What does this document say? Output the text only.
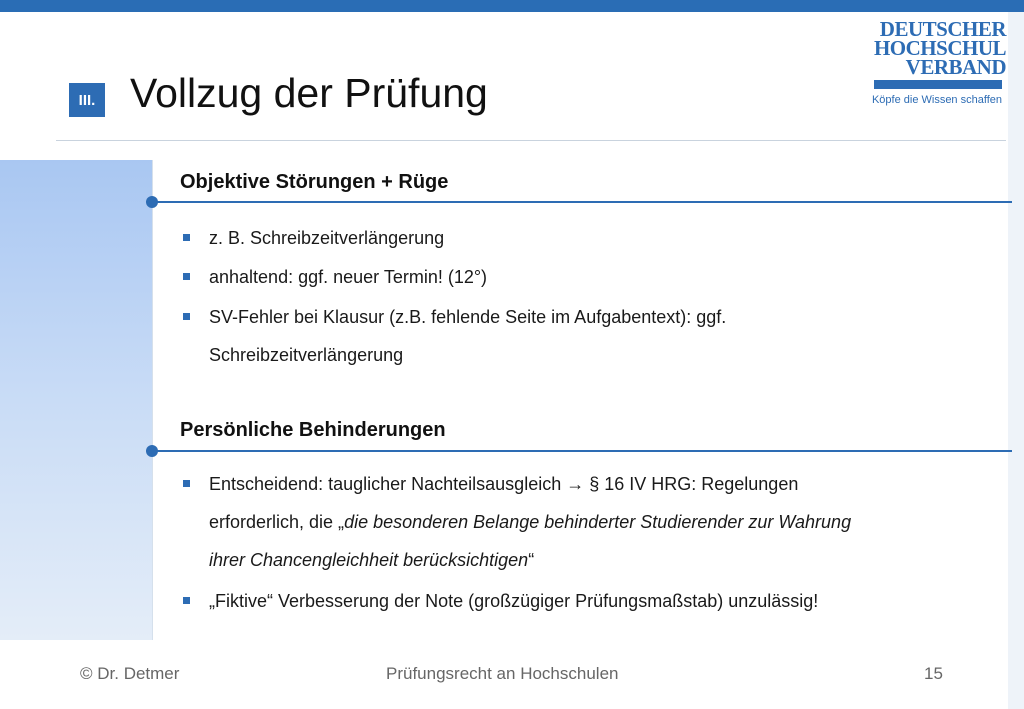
III. Vollzug der Prüfung
DEUTSCHER
HOCHSCHUL
VERBAND
Köpfe die Wissen schaffen
Objektive Störungen + Rüge
z. B. Schreibzeitverlängerung
anhaltend: ggf. neuer Termin! (12°)
SV-Fehler bei Klausur (z.B. fehlende Seite im Aufgabentext): ggf.
Schreibzeitverlängerung
Persönliche Behinderungen
Entscheidend: tauglicher Nachteilsausgleich → § 16 IV HRG: Regelungen
erforderlich, die „die besonderen Belange behinderter Studierender zur Wahrung
ihrer Chancengleichheit berücksichtigen“
„Fiktive“ Verbesserung der Note (großzügiger Prüfungsmaßstab) unzulässig!
© Dr. Detmer	Prüfungsrecht an Hochschulen	15
